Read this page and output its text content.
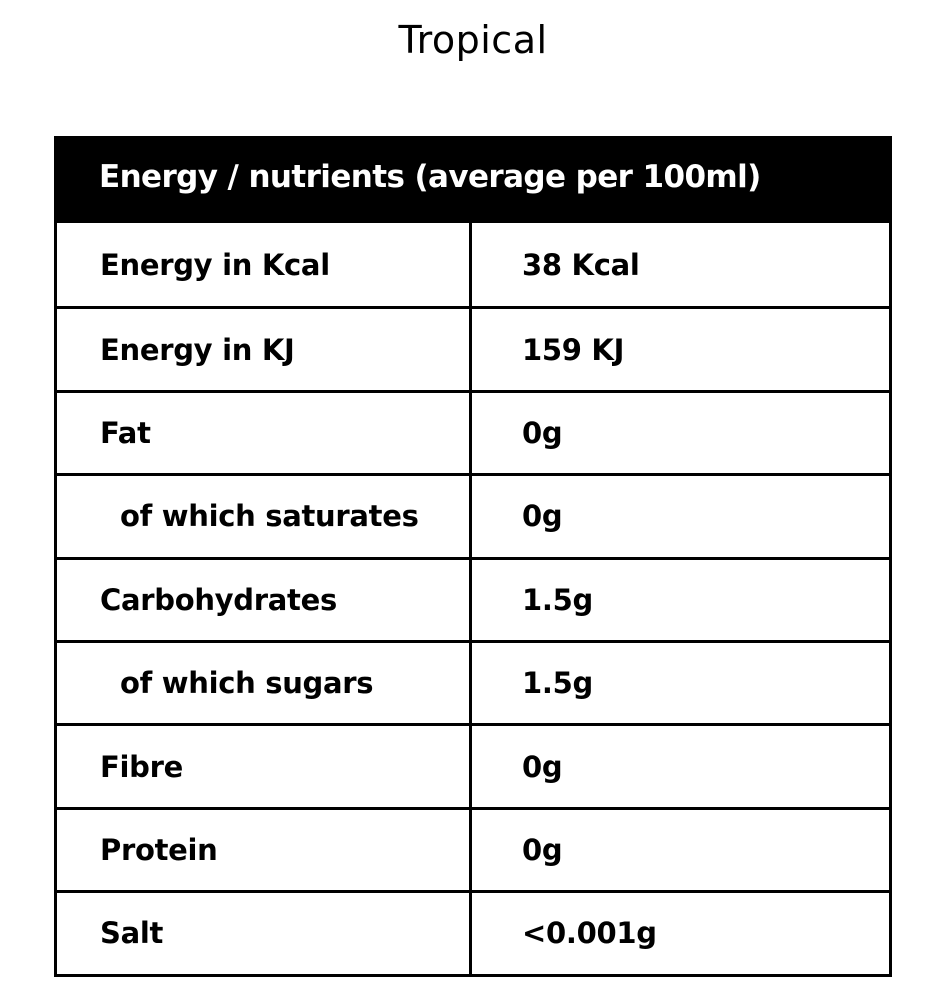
Tropical
Energy / nutrients (average per 100ml)
Energy in Kcal	38 Kcal
Energy in KJ	159 KJ
Fat	0g
of which saturates	0g
Carbohydrates	1.5g
of which sugars	1.5g
Fibre	0g
Protein	0g
Salt	<0.001g
